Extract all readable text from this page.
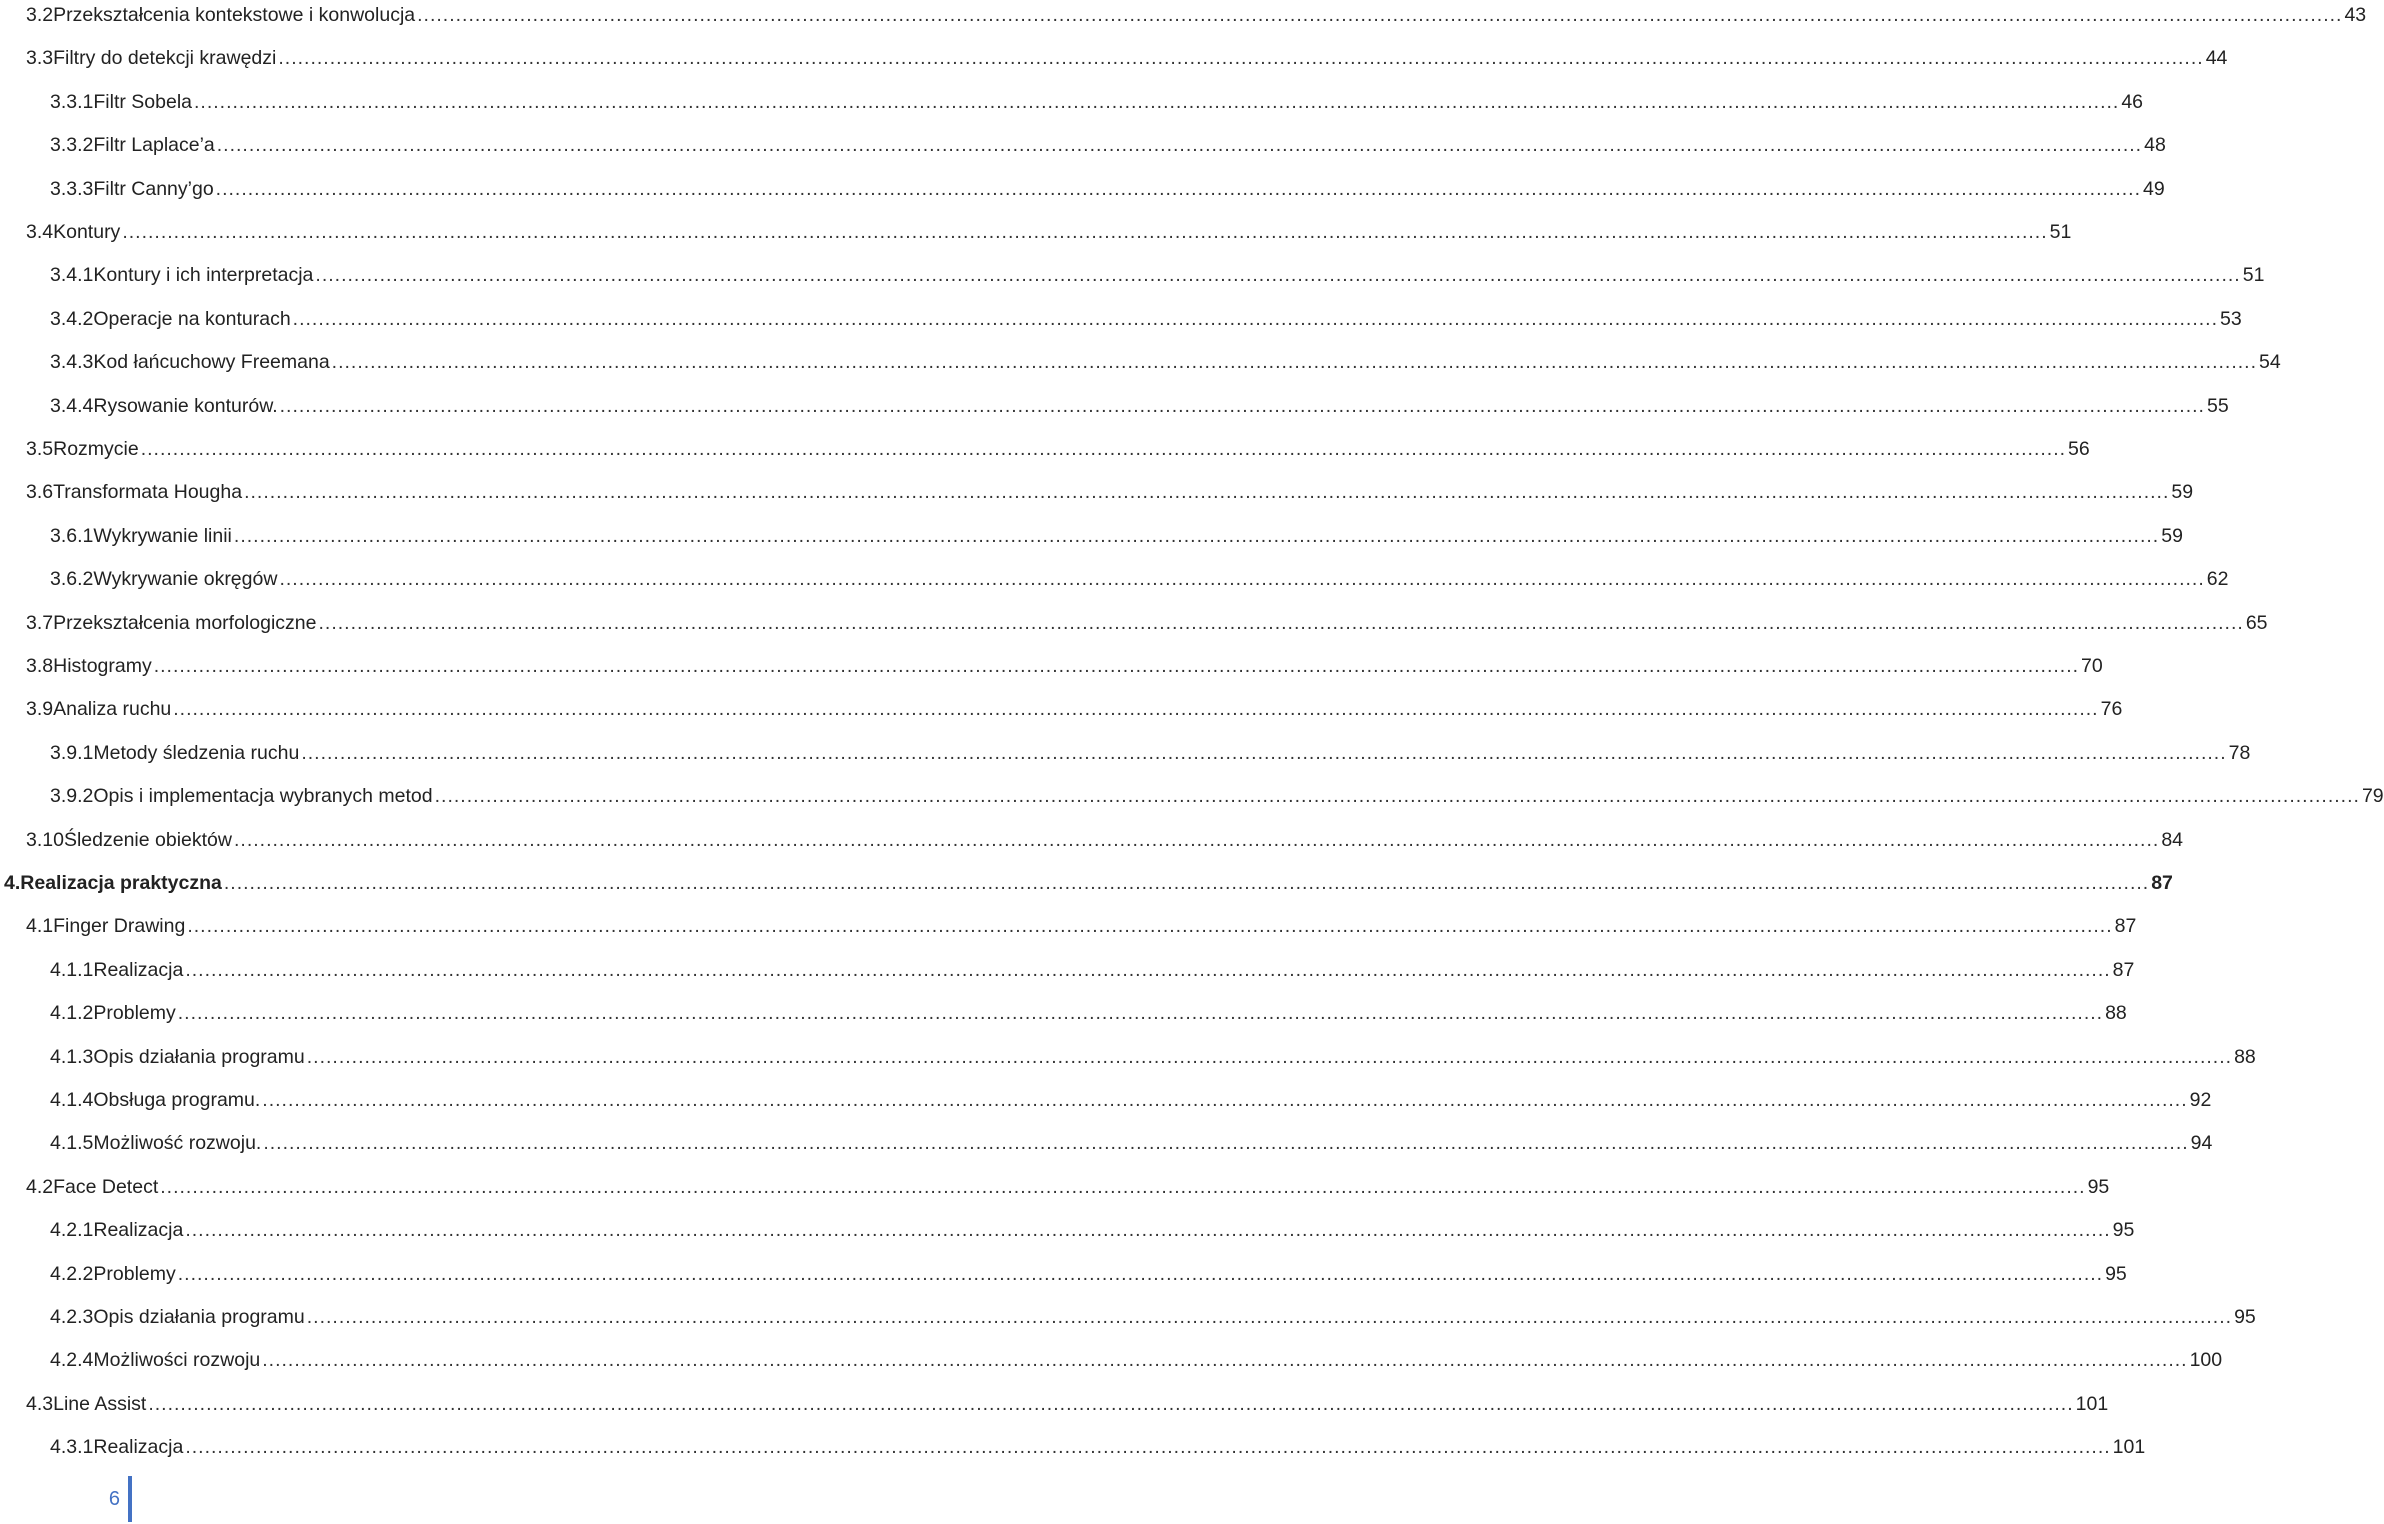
3.2 Przekształcenia kontekstowe i konwolucja ............................................................................................................................................................................................................................................................................................................ 43
3.3 Filtry do detekcji krawędzi ............................................................................................................................................................................................................................................................................................................ 44
3.3.1 Filtr Sobela ............................................................................................................................................................................................................................................................................................................ 46
3.3.2 Filtr Laplace’a ............................................................................................................................................................................................................................................................................................................ 48
3.3.3 Filtr Canny’go ............................................................................................................................................................................................................................................................................................................ 49
3.4 Kontury ............................................................................................................................................................................................................................................................................................................ 51
3.4.1 Kontury i ich interpretacja ............................................................................................................................................................................................................................................................................................................ 51
3.4.2 Operacje na konturach ............................................................................................................................................................................................................................................................................................................ 53
3.4.3 Kod łańcuchowy Freemana ............................................................................................................................................................................................................................................................................................................ 54
3.4.4 Rysowanie konturów. ............................................................................................................................................................................................................................................................................................................ 55
3.5 Rozmycie ............................................................................................................................................................................................................................................................................................................ 56
3.6 Transformata Hougha ............................................................................................................................................................................................................................................................................................................ 59
3.6.1 Wykrywanie linii ............................................................................................................................................................................................................................................................................................................ 59
3.6.2 Wykrywanie okręgów ............................................................................................................................................................................................................................................................................................................ 62
3.7 Przekształcenia morfologiczne ............................................................................................................................................................................................................................................................................................................ 65
3.8 Histogramy ............................................................................................................................................................................................................................................................................................................ 70
3.9 Analiza ruchu ............................................................................................................................................................................................................................................................................................................ 76
3.9.1 Metody śledzenia ruchu ............................................................................................................................................................................................................................................................................................................ 78
3.9.2 Opis i implementacja wybranych metod ............................................................................................................................................................................................................................................................................................................ 79
3.10 Śledzenie obiektów ............................................................................................................................................................................................................................................................................................................ 84
4. Realizacja praktyczna ............................................................................................................................................................................................................................................................................................................ 87
4.1 Finger Drawing ............................................................................................................................................................................................................................................................................................................ 87
4.1.1 Realizacja ............................................................................................................................................................................................................................................................................................................ 87
4.1.2 Problemy ............................................................................................................................................................................................................................................................................................................ 88
4.1.3 Opis działania programu ............................................................................................................................................................................................................................................................................................................ 88
4.1.4 Obsługa programu. ............................................................................................................................................................................................................................................................................................................ 92
4.1.5 Możliwość rozwoju. ............................................................................................................................................................................................................................................................................................................ 94
4.2 Face Detect ............................................................................................................................................................................................................................................................................................................ 95
4.2.1 Realizacja ............................................................................................................................................................................................................................................................................................................ 95
4.2.2 Problemy ............................................................................................................................................................................................................................................................................................................ 95
4.2.3 Opis działania programu ............................................................................................................................................................................................................................................................................................................ 95
4.2.4 Możliwości rozwoju ............................................................................................................................................................................................................................................................................................................ 100
4.3 Line Assist ............................................................................................................................................................................................................................................................................................................ 101
4.3.1 Realizacja ............................................................................................................................................................................................................................................................................................................ 101
6
